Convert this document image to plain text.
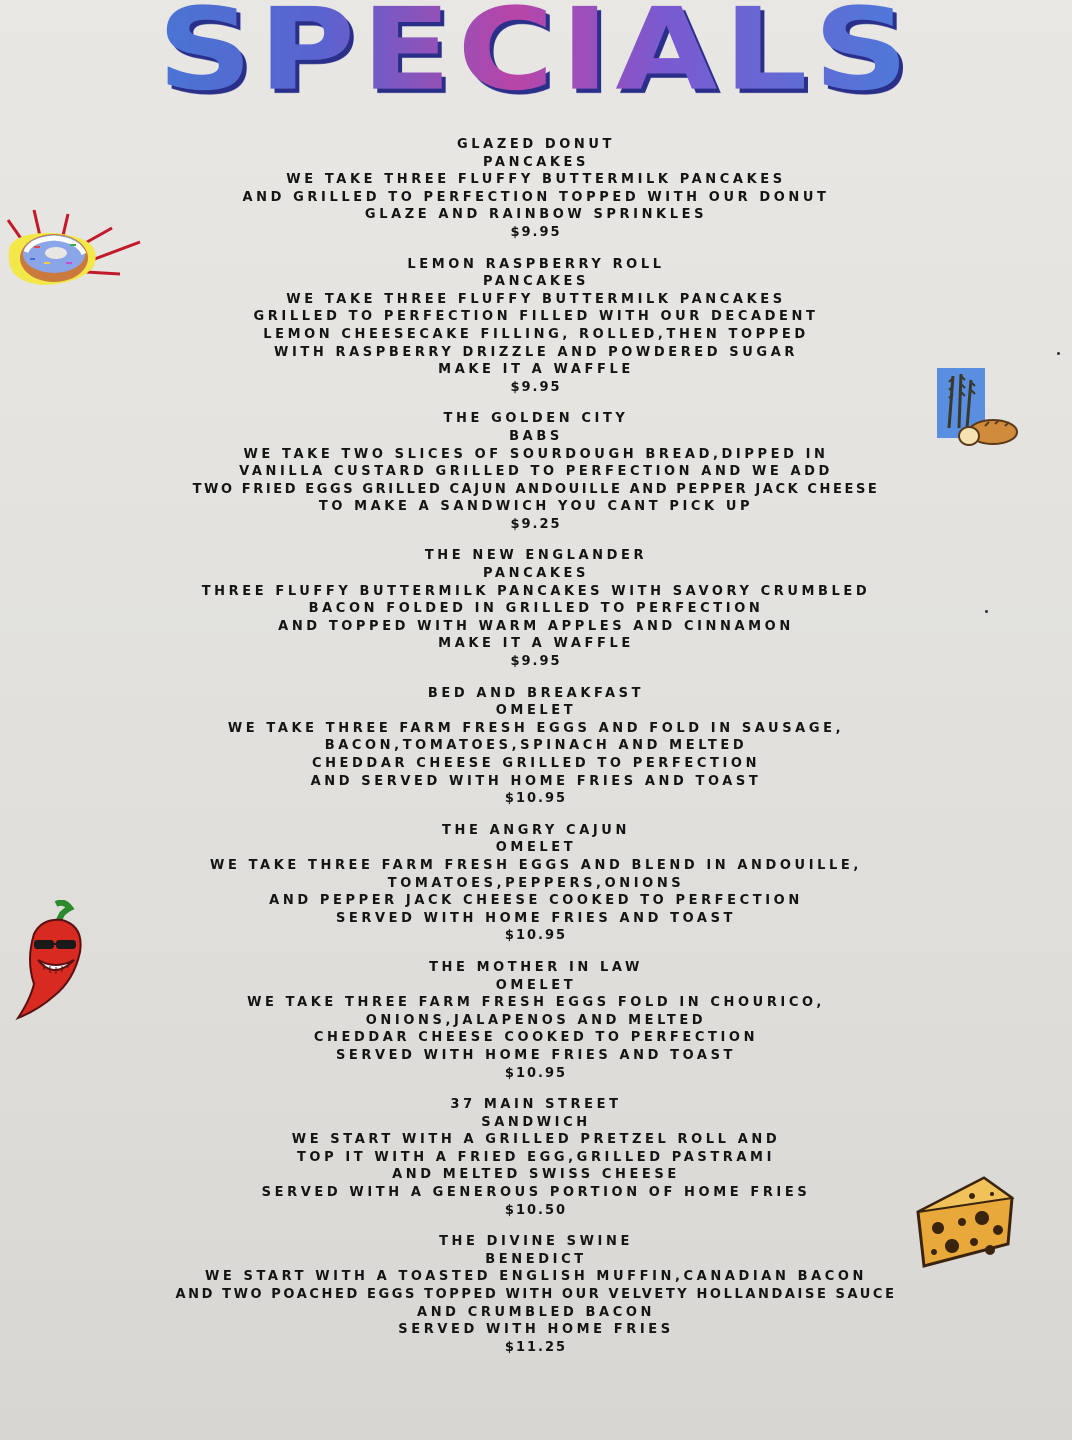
SPECIALS
GLAZED DONUT
PANCAKES
WE TAKE THREE FLUFFY BUTTERMILK PANCAKES
AND GRILLED TO PERFECTION TOPPED WITH OUR DONUT
GLAZE AND RAINBOW SPRINKLES
$9.95
LEMON RASPBERRY ROLL
PANCAKES
WE TAKE THREE FLUFFY BUTTERMILK PANCAKES
GRILLED TO PERFECTION FILLED WITH OUR DECADENT
LEMON CHEESECAKE FILLING, ROLLED,THEN TOPPED
WITH RASPBERRY DRIZZLE AND POWDERED SUGAR
MAKE IT A WAFFLE
$9.95
THE GOLDEN CITY
BABS
WE TAKE TWO SLICES OF SOURDOUGH BREAD,DIPPED IN
VANILLA CUSTARD GRILLED TO PERFECTION AND WE ADD
TWO FRIED EGGS GRILLED CAJUN ANDOUILLE AND PEPPER JACK CHEESE
TO MAKE A SANDWICH YOU CANT PICK UP
$9.25
THE NEW ENGLANDER
PANCAKES
THREE FLUFFY BUTTERMILK PANCAKES WITH SAVORY CRUMBLED
BACON FOLDED IN GRILLED TO PERFECTION
AND TOPPED WITH WARM APPLES AND CINNAMON
MAKE IT A WAFFLE
$9.95
BED AND BREAKFAST
OMELET
WE TAKE THREE FARM FRESH EGGS AND FOLD IN SAUSAGE,
BACON,TOMATOES,SPINACH AND MELTED
CHEDDAR CHEESE GRILLED TO PERFECTION
AND SERVED WITH HOME FRIES AND TOAST
$10.95
THE ANGRY CAJUN
OMELET
WE TAKE THREE FARM FRESH EGGS AND BLEND IN ANDOUILLE,
TOMATOES,PEPPERS,ONIONS
AND PEPPER JACK CHEESE COOKED TO PERFECTION
SERVED WITH HOME FRIES AND TOAST
$10.95
THE MOTHER IN LAW
OMELET
WE TAKE THREE FARM FRESH EGGS FOLD IN CHOURICO,
ONIONS,JALAPENOS AND MELTED
CHEDDAR CHEESE COOKED TO PERFECTION
SERVED WITH HOME FRIES AND TOAST
$10.95
37 MAIN STREET
SANDWICH
WE START WITH A GRILLED PRETZEL ROLL AND
TOP IT WITH A FRIED EGG,GRILLED PASTRAMI
AND MELTED SWISS CHEESE
SERVED WITH A GENEROUS PORTION OF HOME FRIES
$10.50
THE DIVINE SWINE
BENEDICT
WE START WITH A TOASTED ENGLISH MUFFIN,CANADIAN BACON
AND TWO POACHED EGGS TOPPED WITH OUR VELVETY HOLLANDAISE SAUCE
AND CRUMBLED BACON
SERVED WITH HOME FRIES
$11.25
